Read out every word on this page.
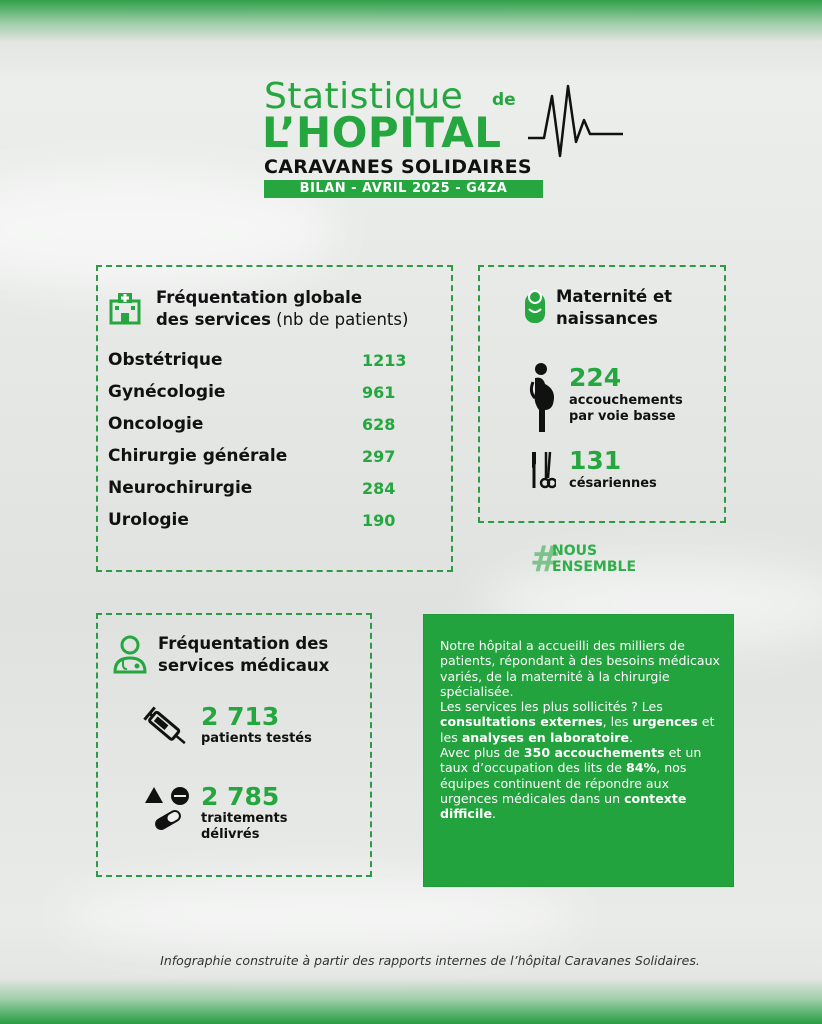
Statistique de
L’HOPITAL
CARAVANES SOLIDAIRES
BILAN - AVRIL 2025 - G4ZA
Fréquentation globale
des services (nb de patients)
Obstétrique	1213
Gynécologie	961
Oncologie	628
Chirurgie générale	297
Neurochirurgie	284
Urologie	190
Maternité et
naissances
224
accouchements
par voie basse
131
césariennes
#
NOUS
ENSEMBLE
Fréquentation des
services médicaux
2 713
patients testés
2 785
traitements
délivrés
Notre hôpital a accueilli des milliers de patients, répondant à des besoins médicaux variés, de la maternité à la chirurgie spécialisée.
Les services les plus sollicités ? Les consultations externes, les urgences et les analyses en laboratoire.
Avec plus de 350 accouchements et un taux d’occupation des lits de 84%, nos équipes continuent de répondre aux urgences médicales dans un contexte difficile.
Infographie construite à partir des rapports internes de l’hôpital Caravanes Solidaires.
